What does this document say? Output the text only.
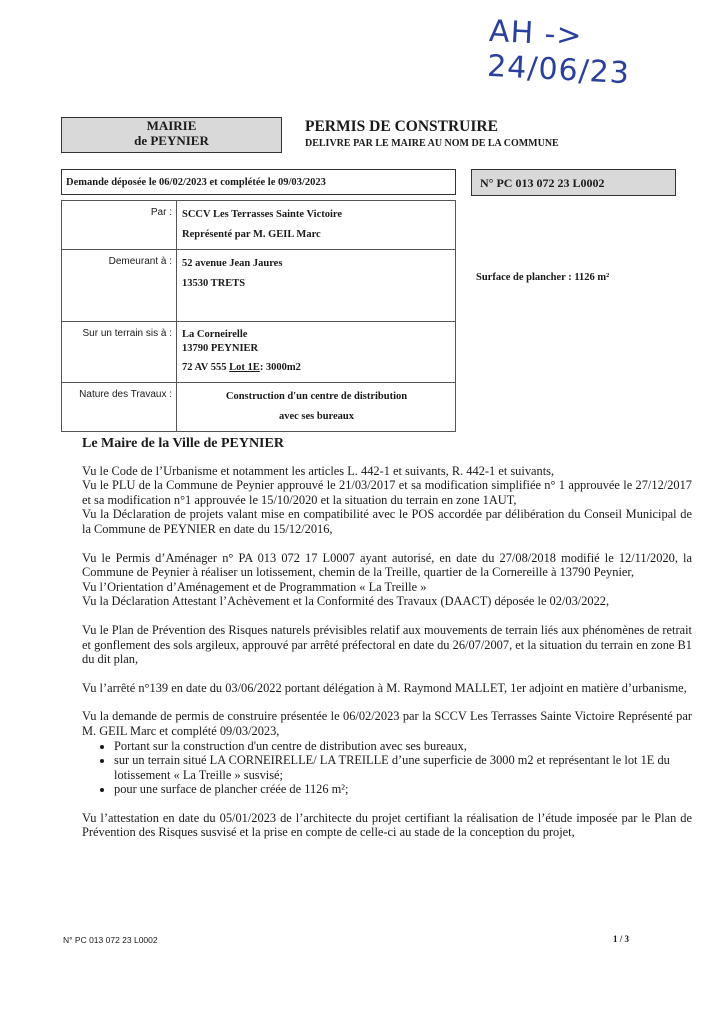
AH -> 24/06/23
MAIRIE
de PEYNIER
PERMIS DE CONSTRUIRE
DELIVRE PAR LE MAIRE AU NOM DE LA COMMUNE
Demande déposée le 06/02/2023 et complétée le 09/03/2023	N° PC 013 072 23 L0002
Par :	SCCV Les Terrasses Sainte Victoire
Représenté par M. GEIL Marc

Demeurant à :	52 avenue Jean Jaures
13530 TRETS

Sur un terrain sis à :	La Corneirelle
13790 PEYNIER
72 AV 555 Lot 1E: 3000m2

Nature des Travaux :	Construction d'un centre de distribution
avec ses bureaux
Surface de plancher : 1126 m²

Le Maire de la Ville de PEYNIER

Vu le Code de l’Urbanisme et notamment les articles L. 442-1 et suivants, R. 442-1 et suivants,

Vu le PLU de la Commune de Peynier approuvé le 21/03/2017 et sa modification simplifiée n° 1 approuvée le 27/12/2017 et sa modification n°1 approuvée le 15/10/2020 et la situation du terrain en zone 1AUT,

Vu la Déclaration de projets valant mise en compatibilité avec le POS accordée par délibération du Conseil Municipal de la Commune de PEYNIER en date du 15/12/2016,

Vu le Permis d’Aménager n° PA 013 072 17 L0007 ayant autorisé, en date du 27/08/2018 modifié le 12/11/2020, la Commune de Peynier à réaliser un lotissement, chemin de la Treille, quartier de la Cornereille à 13790 Peynier,

Vu l’Orientation d’Aménagement et de Programmation « La Treille »

Vu la Déclaration Attestant l’Achèvement et la Conformité des Travaux (DAACT) déposée le 02/03/2022,

Vu le Plan de Prévention des Risques naturels prévisibles relatif aux mouvements de terrain liés aux phénomènes de retrait et gonflement des sols argileux, approuvé par arrêté préfectoral en date du 26/07/2007, et la situation du terrain en zone B1 du dit plan,

Vu l’arrêté n°139 en date du 03/06/2022 portant délégation à M. Raymond MALLET, 1er adjoint en matière d’urbanisme,

Vu la demande de permis de construire présentée le 06/02/2023 par la SCCV Les Terrasses Sainte Victoire Représenté par M. GEIL Marc et complété 09/03/2023,

• Portant sur la construction d'un centre de distribution avec ses bureaux,
• sur un terrain situé LA CORNEIRELLE/ LA TREILLE d’une superficie de 3000 m2 et représentant le lot 1E du lotissement « La Treille » susvisé;
• pour une surface de plancher créée de 1126 m²;

Vu l’attestation en date du 05/01/2023 de l’architecte du projet certifiant la réalisation de l’étude imposée par le Plan de Prévention des Risques susvisé et la prise en compte de celle-ci au stade de la conception du projet,

N° PC 013 072 23 L0002	1 / 3
